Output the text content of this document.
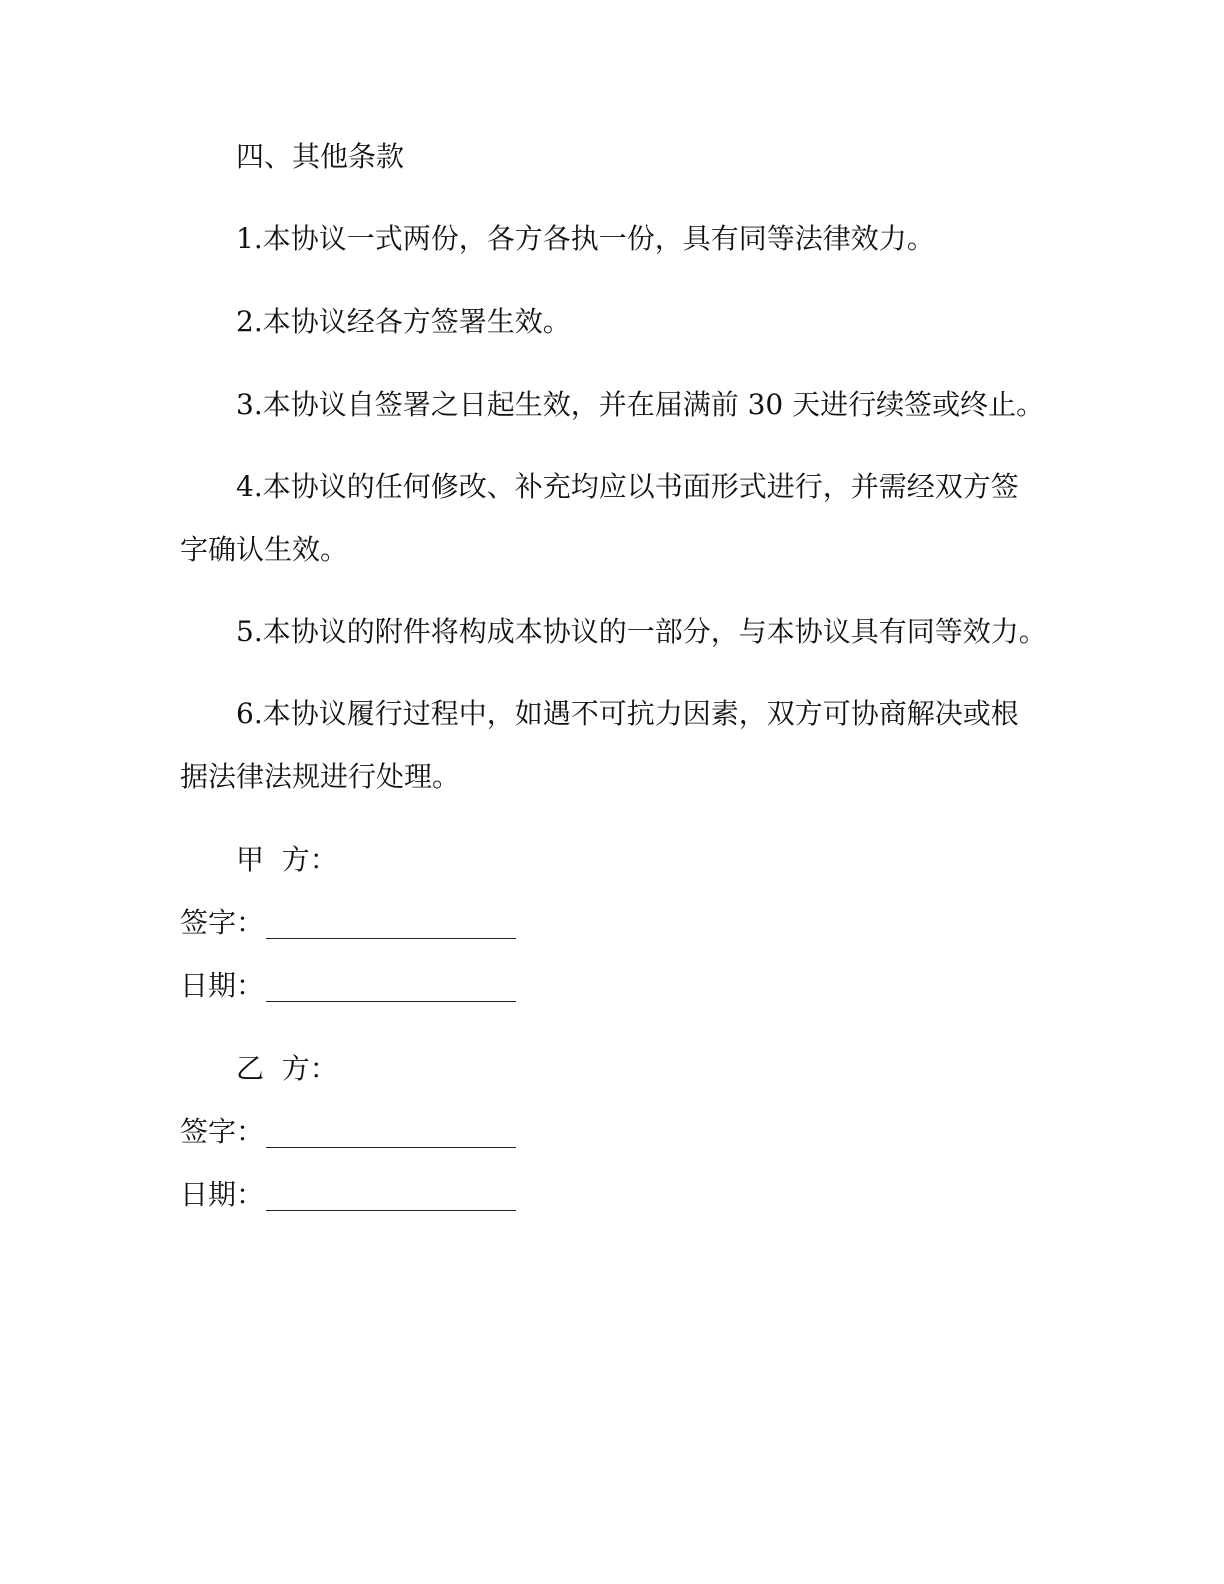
四、其他条款
1.本协议一式两份，各方各执一份，具有同等法律效力。
2.本协议经各方签署生效。
3.本协议自签署之日起生效，并在届满前 30 天进行续签或终止。
4.本协议的任何修改、补充均应以书面形式进行，并需经双方签
字确认生效。
5.本协议的附件将构成本协议的一部分，与本协议具有同等效力。
6.本协议履行过程中，如遇不可抗力因素，双方可协商解决或根
据法律法规进行处理。
甲  方：
签字：
日期：
乙  方：
签字：
日期：
